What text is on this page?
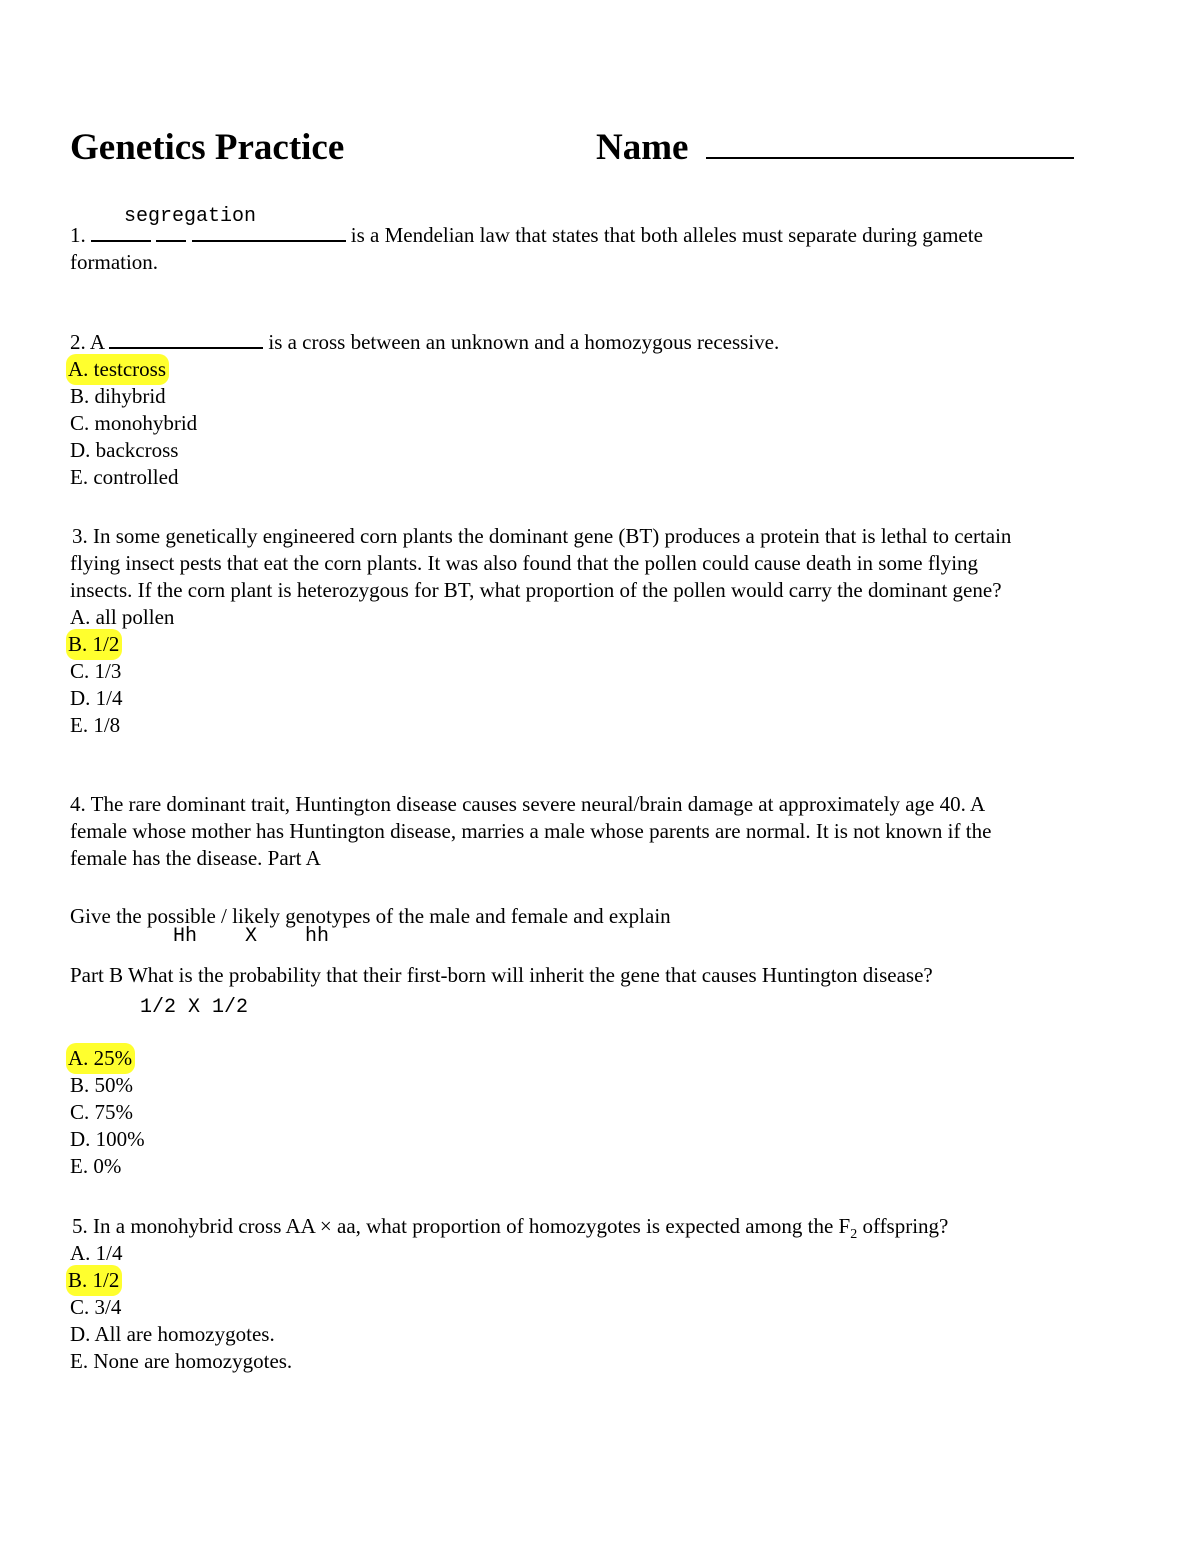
Genetics Practice	Name
segregation
1.	is a Mendelian law that states that both alleles must separate during gamete
formation.
2. A	is a cross between an unknown and a homozygous recessive.
A. testcross
B. dihybrid
C. monohybrid
D. backcross
E. controlled
3. In some genetically engineered corn plants the dominant gene (BT) produces a protein that is lethal to certain
flying insect pests that eat the corn plants. It was also found that the pollen could cause death in some flying
insects. If the corn plant is heterozygous for BT, what proportion of the pollen would carry the dominant gene?
A. all pollen
B. 1/2
C. 1/3
D. 1/4
E. 1/8
4. The rare dominant trait, Huntington disease causes severe neural/brain damage at approximately age 40. A
female whose mother has Huntington disease, marries a male whose parents are normal. It is not known if the
female has the disease. Part A
Give the possible / likely genotypes of the male and female and explain
Hh    X    hh
Part B What is the probability that their first-born will inherit the gene that causes Huntington disease?
1/2 X 1/2
A. 25%
B. 50%
C. 75%
D. 100%
E. 0%
5. In a monohybrid cross AA × aa, what proportion of homozygotes is expected among the $F_2$ offspring?
A. 1/4
B. 1/2
C. 3/4
D. All are homozygotes.
E. None are homozygotes.
